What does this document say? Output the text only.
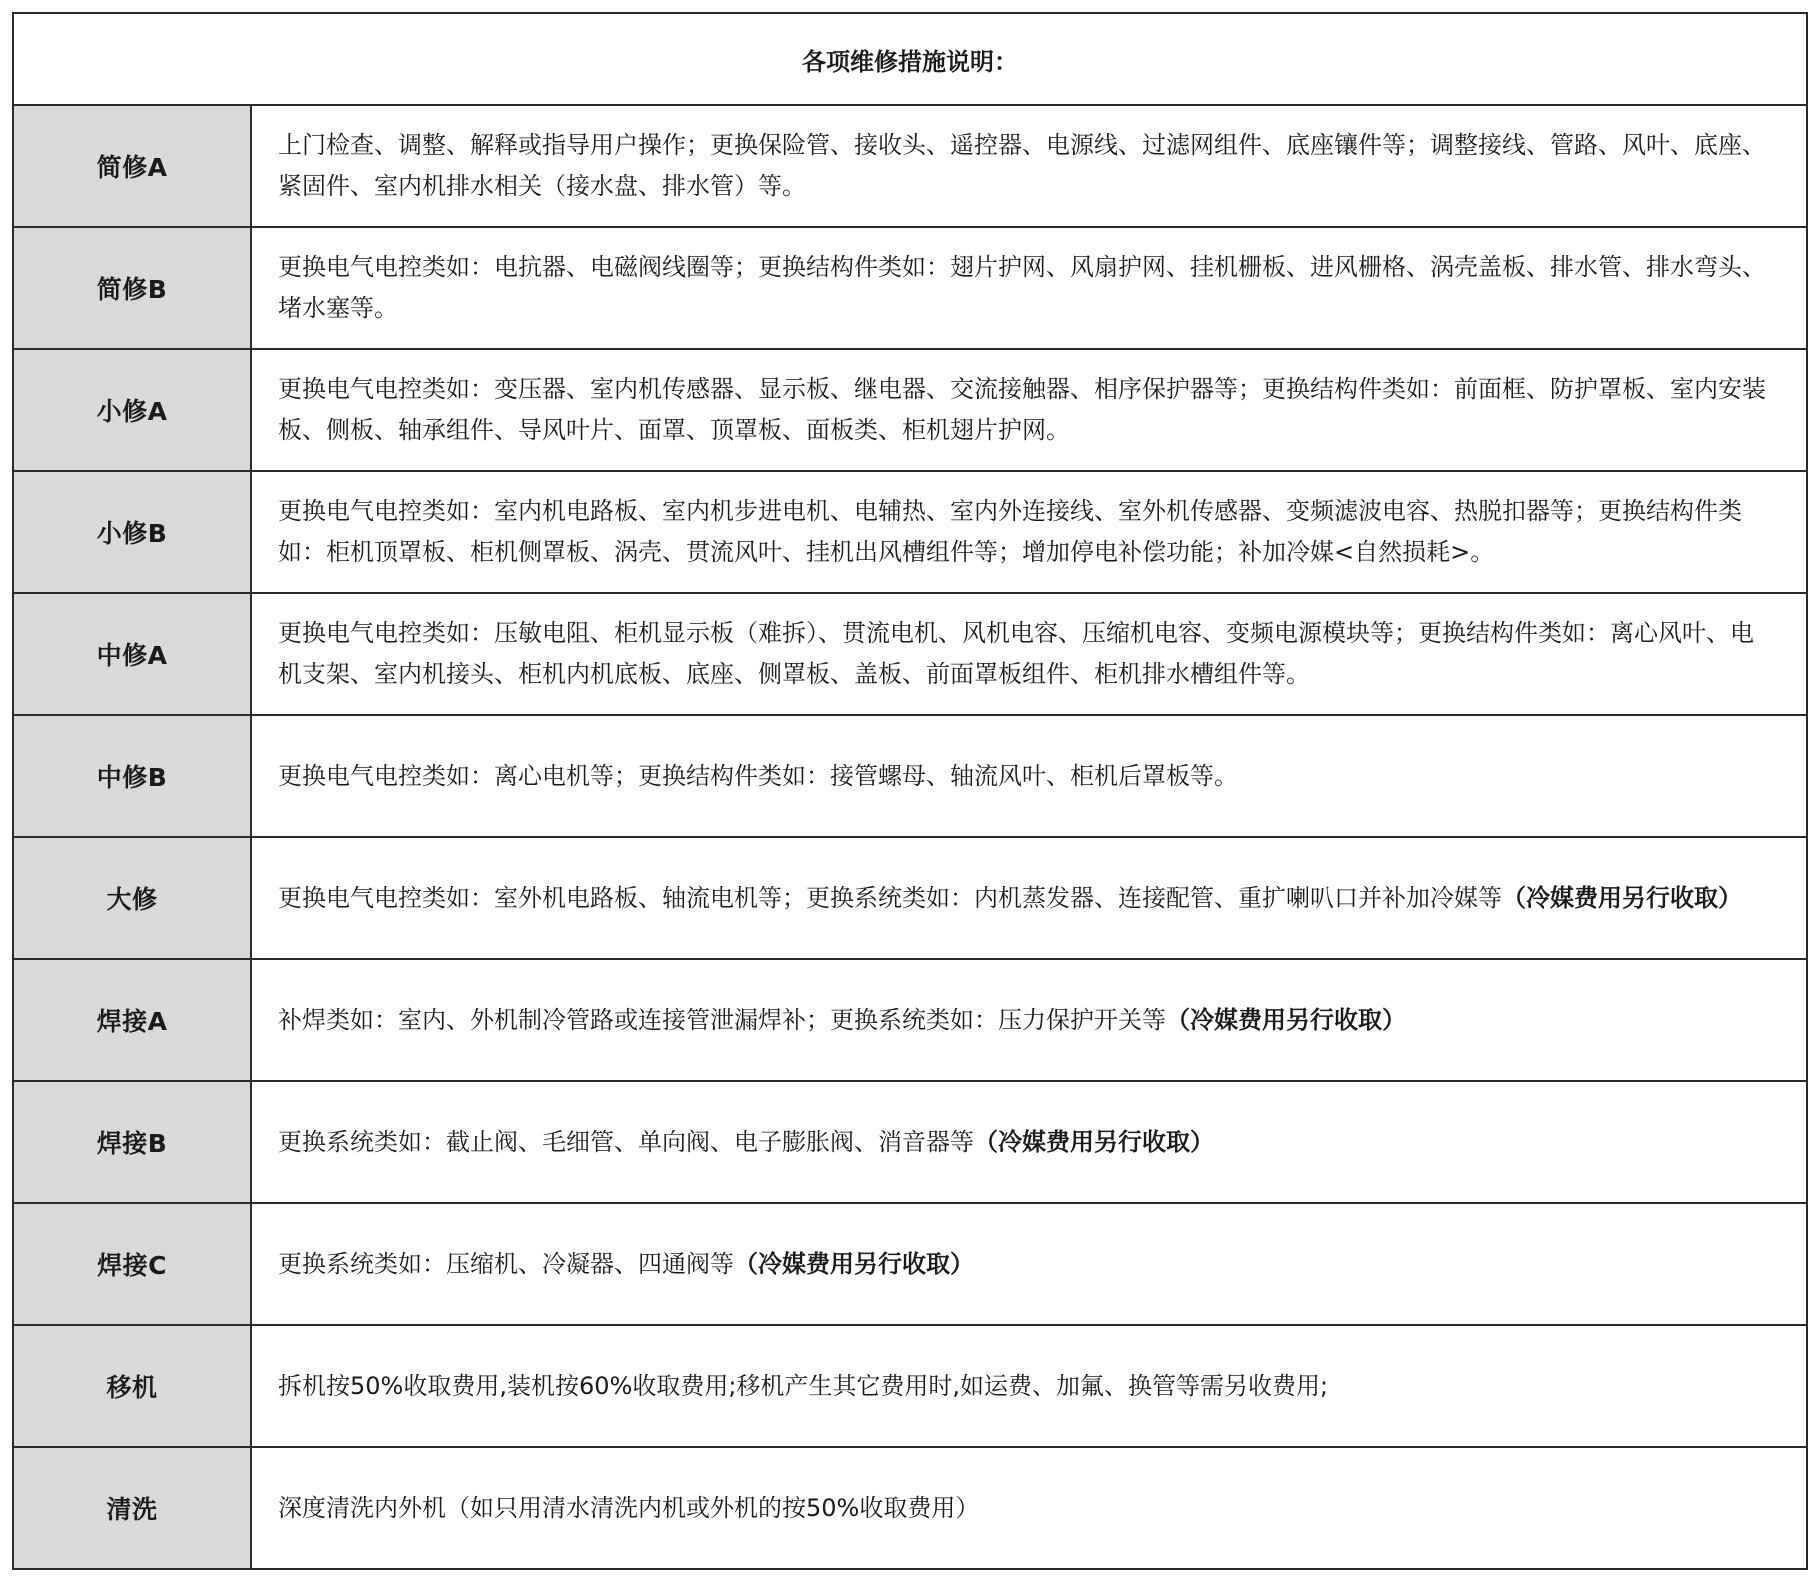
各项维修措施说明：	
简修A	上门检查、调整、解释或指导用户操作；更换保险管、接收头、遥控器、电源线、过滤网组件、底座镶件等；调整接线、管路、风叶、底座、紧固件、室内机排水相关（接水盘、排水管）等。
简修B	更换电气电控类如：电抗器、电磁阀线圈等；更换结构件类如：翅片护网、风扇护网、挂机栅板、进风栅格、涡壳盖板、排水管、排水弯头、堵水塞等。
小修A	更换电气电控类如：变压器、室内机传感器、显示板、继电器、交流接触器、相序保护器等；更换结构件类如：前面框、防护罩板、室内安装板、侧板、轴承组件、导风叶片、面罩、顶罩板、面板类、柜机翅片护网。
小修B	更换电气电控类如：室内机电路板、室内机步进电机、电辅热、室内外连接线、室外机传感器、变频滤波电容、热脱扣器等；更换结构件类如：柜机顶罩板、柜机侧罩板、涡壳、贯流风叶、挂机出风槽组件等；增加停电补偿功能；补加冷媒<自然损耗>。
中修A	更换电气电控类如：压敏电阻、柜机显示板（难拆）、贯流电机、风机电容、压缩机电容、变频电源模块等；更换结构件类如：离心风叶、电机支架、室内机接头、柜机内机底板、底座、侧罩板、盖板、前面罩板组件、柜机排水槽组件等。
中修B	更换电气电控类如：离心电机等；更换结构件类如：接管螺母、轴流风叶、柜机后罩板等。
大修	更换电气电控类如：室外机电路板、轴流电机等；更换系统类如：内机蒸发器、连接配管、重扩喇叭口并补加冷媒等（冷媒费用另行收取）
焊接A	补焊类如：室内、外机制冷管路或连接管泄漏焊补；更换系统类如：压力保护开关等（冷媒费用另行收取）
焊接B	更换系统类如：截止阀、毛细管、单向阀、电子膨胀阀、消音器等（冷媒费用另行收取）
焊接C	更换系统类如：压缩机、冷凝器、四通阀等（冷媒费用另行收取）
移机	拆机按50%收取费用,装机按60%收取费用;移机产生其它费用时,如运费、加氟、换管等需另收费用;
清洗	深度清洗内外机（如只用清水清洗内机或外机的按50%收取费用）
